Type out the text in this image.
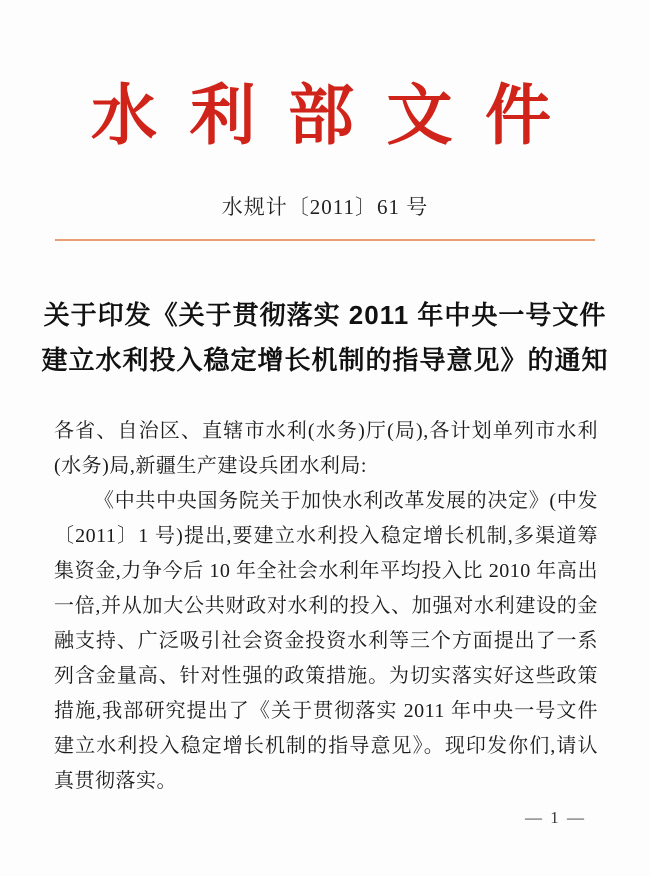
水 利 部 文 件
水规计〔2011〕61 号
关于印发《关于贯彻落实 2011 年中央一号文件
建立水利投入稳定增长机制的指导意见》的通知

各省、自治区、直辖市水利(水务)厅(局),各计划单列市水利(水务)局,新疆生产建设兵团水利局:

《中共中央国务院关于加快水利改革发展的决定》(中发〔2011〕1 号)提出,要建立水利投入稳定增长机制,多渠道筹集资金,力争今后 10 年全社会水利年平均投入比 2010 年高出一倍,并从加大公共财政对水利的投入、加强对水利建设的金融支持、广泛吸引社会资金投资水利等三个方面提出了一系列含金量高、针对性强的政策措施。为切实落实好这些政策措施,我部研究提出了《关于贯彻落实 2011 年中央一号文件建立水利投入稳定增长机制的指导意见》。现印发你们,请认真贯彻落实。

— 1 —
